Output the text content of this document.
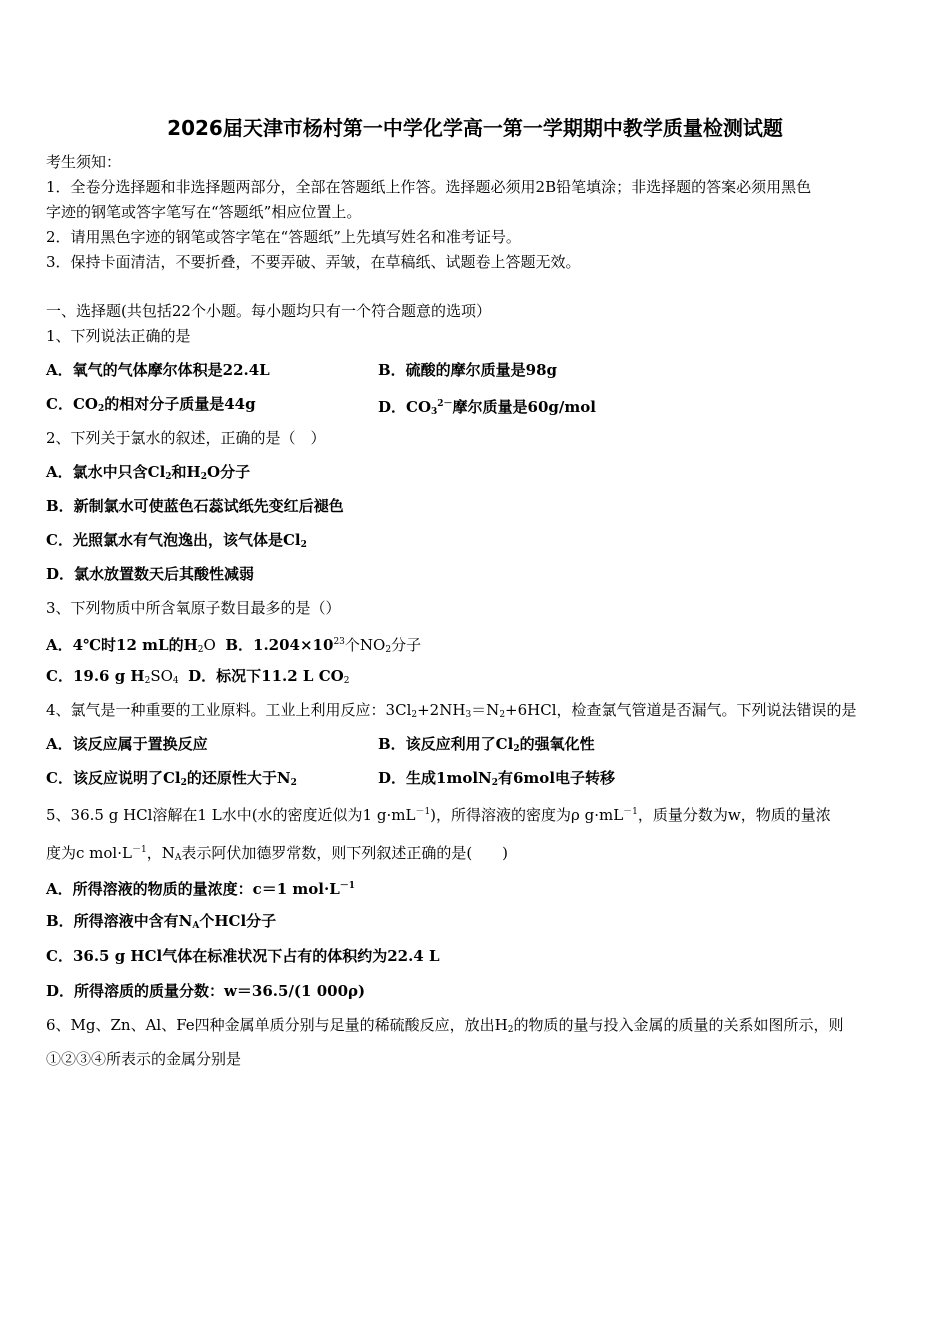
2026届天津市杨村第一中学化学高一第一学期期中教学质量检测试题
考生须知：
1．全卷分选择题和非选择题两部分，全部在答题纸上作答。选择题必须用2B铅笔填涂；非选择题的答案必须用黑色
字迹的钢笔或答字笔写在“答题纸”相应位置上。
2．请用黑色字迹的钢笔或答字笔在“答题纸”上先填写姓名和准考证号。
3．保持卡面清洁，不要折叠，不要弄破、弄皱，在草稿纸、试题卷上答题无效。
一、选择题(共包括22个小题。每小题均只有一个符合题意的选项）
1、下列说法正确的是
A．氧气的气体摩尔体积是22.4L	B．硫酸的摩尔质量是98g
C．$CO_2$的相对分子质量是44g	D．$CO_3^{2-}$摩尔质量是60g/mol
2、下列关于氯水的叙述，正确的是（　）
A．氯水中只含$Cl_2$和$H_2O$分子
B．新制氯水可使蓝色石蕊试纸先变红后褪色
C．光照氯水有气泡逸出，该气体是$Cl_2$
D．氯水放置数天后其酸性减弱
3、下列物质中所含氧原子数目最多的是（）
A．4℃时12 mL的$H_2O$ B．$1.204\times 10^{23}$个$NO_2$分子
C．19.6 g $H_2SO_4$ D．标况下11.2 L $CO_2$
4、氯气是一种重要的工业原料。工业上利用反应：$3Cl_2+2NH_3=N_2+6HCl$，检查氯气管道是否漏气。下列说法错误的是
A．该反应属于置换反应	B．该反应利用了$Cl_2$的强氧化性
C．该反应说明了$Cl_2$的还原性大于$N_2$	D．生成1molN$_2$有6mol电子转移
5、36.5 g HCl溶解在1 L水中(水的密度近似为1 $g\cdot mL^{-1}$)，所得溶液的密度为ρ $g\cdot mL^{-1}$，质量分数为w，物质的量浓
度为c $mol\cdot L^{-1}$，$N_A$表示阿伏加德罗常数，则下列叙述正确的是(　　)
A．所得溶液的物质的量浓度：c＝1 $mol\cdot L^{-1}$
B．所得溶液中含有$N_A$个HCl分子
C．36.5 g HCl气体在标准状况下占有的体积约为22.4 L
D．所得溶质的质量分数：w＝36.5/(1 000ρ)
6、Mg、Zn、Al、Fe四种金属单质分别与足量的稀硫酸反应，放出$H_2$的物质的量与投入金属的质量的关系如图所示，则
①②③④所表示的金属分别是
